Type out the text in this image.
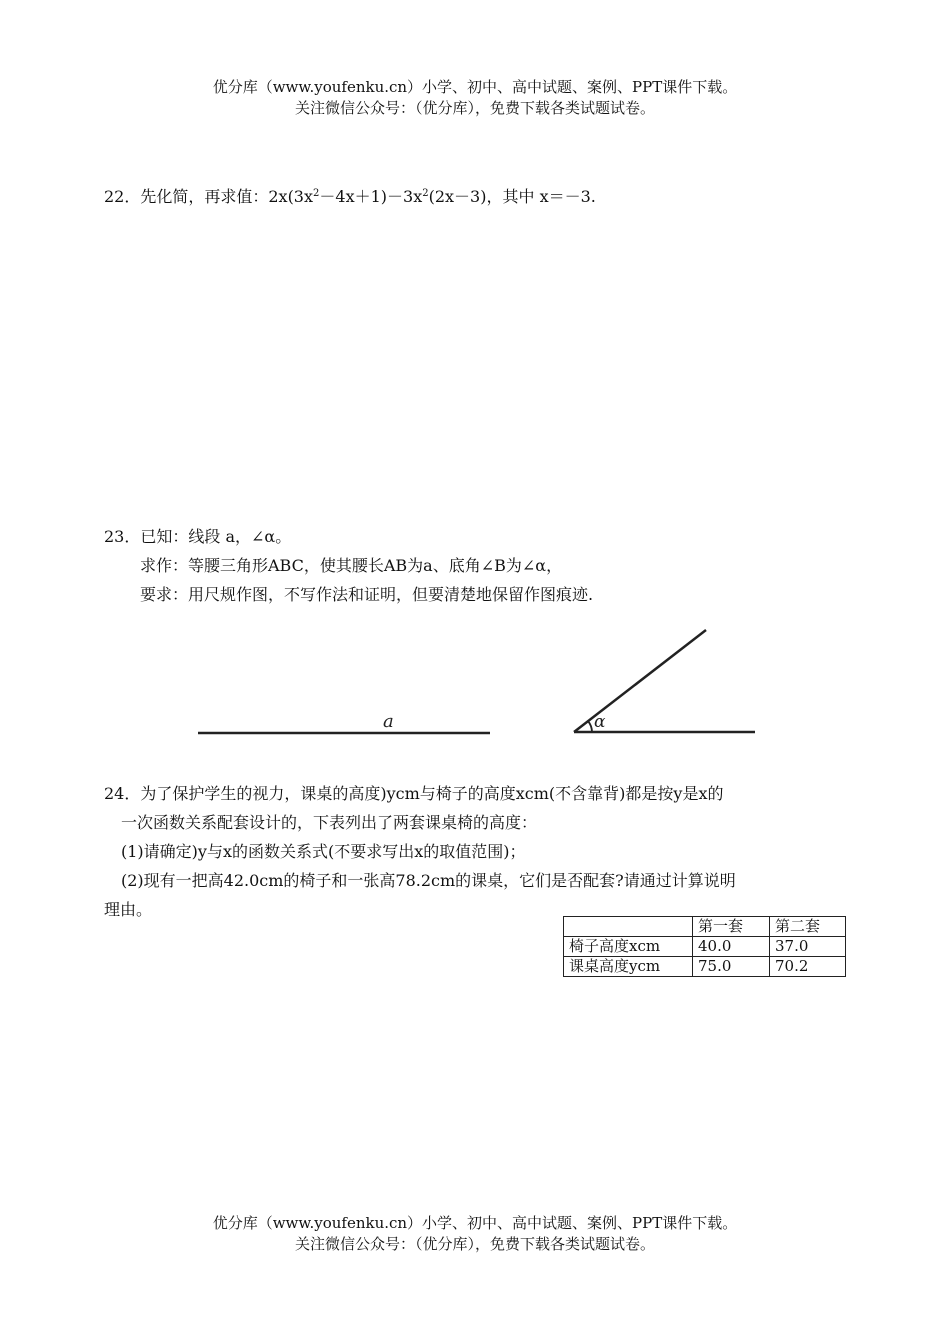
优分库（www.youfenku.cn）小学、初中、高中试题、案例、PPT课件下载。
关注微信公众号：（优分库），免费下载各类试题试卷。
22．先化简，再求值：$2x(3x^2-4x+1)-3x^2(2x-3)$，其中 x＝－3.
23．已知：线段 a，∠α。
求作：等腰三角形ABC，使其腰长AB为a、底角∠B为∠α，
要求：用尺规作图，不写作法和证明，但要清楚地保留作图痕迹.
a	α
24．为了保护学生的视力，课桌的高度)ycm与椅子的高度xcm(不含靠背)都是按y是x的
一次函数关系配套设计的，下表列出了两套课桌椅的高度：
(1)请确定)y与x的函数关系式(不要求写出x的取值范围)；
(2)现有一把高42.0cm的椅子和一张高78.2cm的课桌，它们是否配套?请通过计算说明
理由。
	第一套	第二套
椅子高度xcm	40.0	37.0
课桌高度ycm	75.0	70.2
优分库（www.youfenku.cn）小学、初中、高中试题、案例、PPT课件下载。
关注微信公众号：（优分库），免费下载各类试题试卷。
